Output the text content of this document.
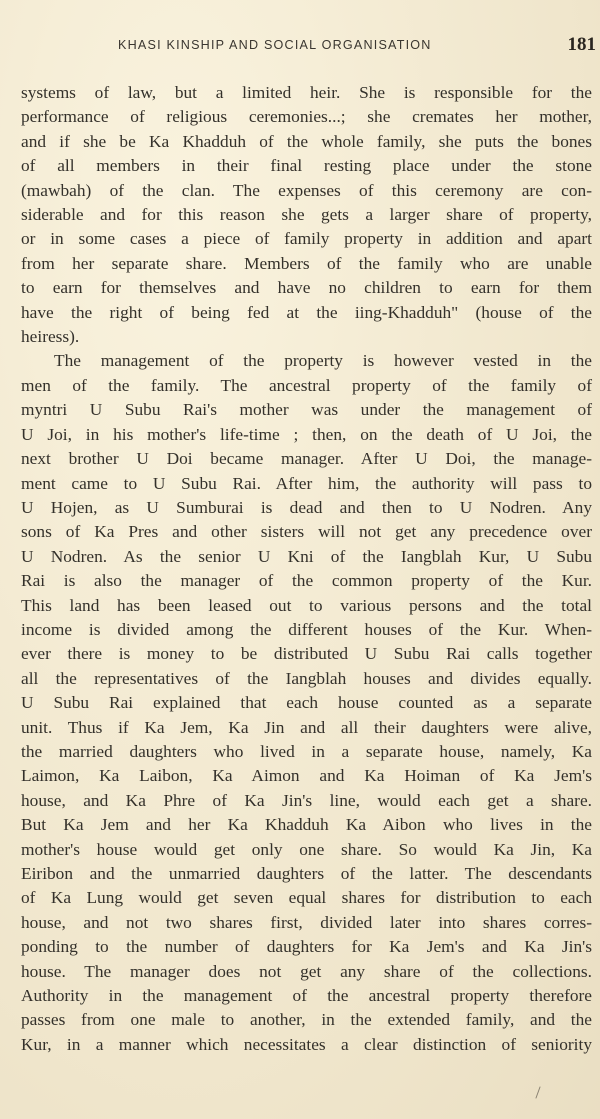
KHASI KINSHIP AND SOCIAL ORGANISATION	181

systems of law, but a limited heir. She is responsible for the

performance of religious ceremonies...; she cremates her mother,

and if she be Ka Khadduh of the whole family, she puts the bones

of all members in their final resting place under the stone

(mawbah) of the clan. The expenses of this ceremony are con-

siderable and for this reason she gets a larger share of property,

or in some cases a piece of family property in addition and apart

from her separate share. Members of the family who are unable

to earn for themselves and have no children to earn for them

have the right of being fed at the iing-Khadduh" (house of the

heiress).

The management of the property is however vested in the

men of the family. The ancestral property of the family of

myntri U Subu Rai's mother was under the management of

U Joi, in his mother's life-time ; then, on the death of U Joi, the

next brother U Doi became manager. After U Doi, the manage-

ment came to U Subu Rai. After him, the authority will pass to

U Hojen, as U Sumburai is dead and then to U Nodren. Any

sons of Ka Pres and other sisters will not get any precedence over

U Nodren. As the senior U Kni of the Iangblah Kur, U Subu

Rai is also the manager of the common property of the Kur.

This land has been leased out to various persons and the total

income is divided among the different houses of the Kur. When-

ever there is money to be distributed U Subu Rai calls together

all the representatives of the Iangblah houses and divides equally.

U Subu Rai explained that each house counted as a separate

unit. Thus if Ka Jem, Ka Jin and all their daughters were alive,

the married daughters who lived in a separate house, namely, Ka

Laimon, Ka Laibon, Ka Aimon and Ka Hoiman of Ka Jem's

house, and Ka Phre of Ka Jin's line, would each get a share.

But Ka Jem and her Ka Khadduh Ka Aibon who lives in the

mother's house would get only one share. So would Ka Jin, Ka

Eiribon and the unmarried daughters of the latter. The descendants

of Ka Lung would get seven equal shares for distribution to each

house, and not two shares first, divided later into shares corres-

ponding to the number of daughters for Ka Jem's and Ka Jin's

house. The manager does not get any share of the collections.

Authority in the management of the ancestral property therefore

passes from one male to another, in the extended family, and the

Kur, in a manner which necessitates a clear distinction of seniority
